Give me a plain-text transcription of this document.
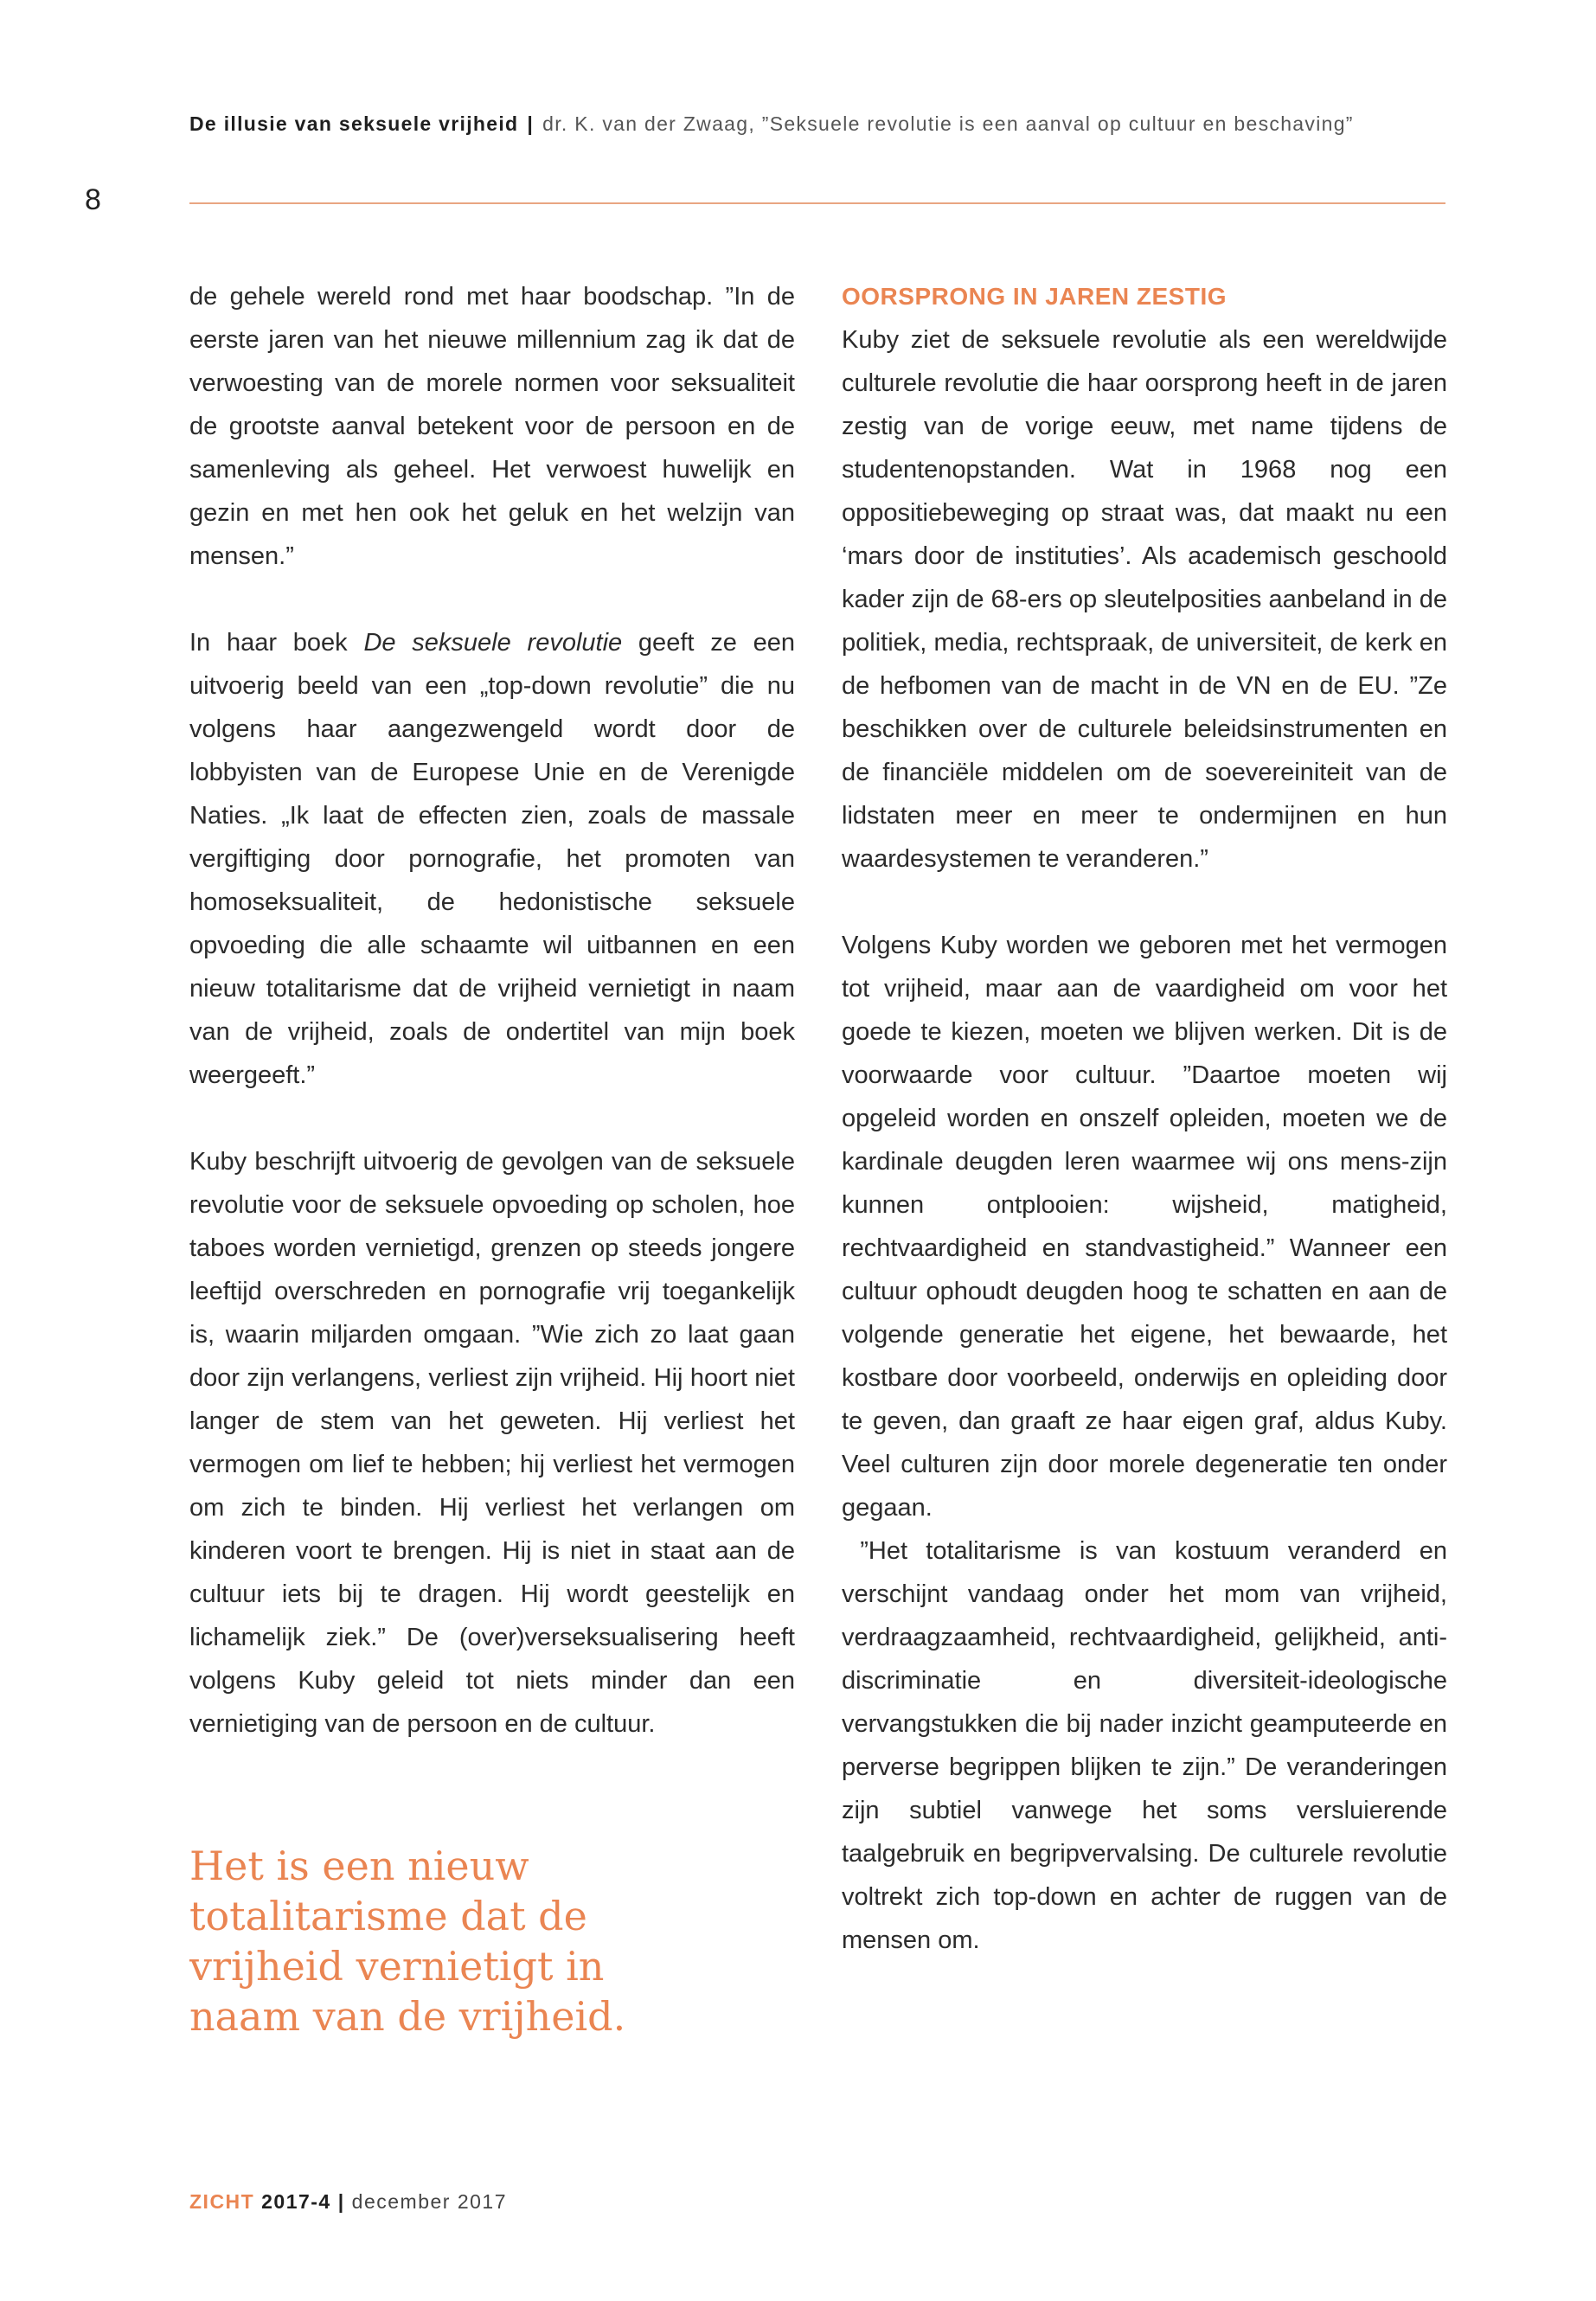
De illusie van seksuele vrijheid | dr. K. van der Zwaag, ”Seksuele revolutie is een aanval op cultuur en beschaving”
8

de gehele wereld rond met haar boodschap. ”In de eerste jaren van het nieuwe millennium zag ik dat de verwoesting van de morele normen voor seksualiteit de grootste aanval betekent voor de persoon en de samenleving als geheel. Het verwoest huwelijk en gezin en met hen ook het geluk en het welzijn van mensen.”

In haar boek De seksuele revolutie geeft ze een uitvoerig beeld van een „top-down revolutie” die nu volgens haar aangezwengeld wordt door de lobbyisten van de Europese Unie en de Verenigde Naties. „Ik laat de effecten zien, zoals de massale vergiftiging door pornografie, het promoten van homoseksualiteit, de hedonistische seksuele opvoeding die alle schaamte wil uitbannen en een nieuw totalitarisme dat de vrijheid vernietigt in naam van de vrijheid, zoals de ondertitel van mijn boek weergeeft.”

Kuby beschrijft uitvoerig de gevolgen van de seksuele revolutie voor de seksuele opvoeding op scholen, hoe taboes worden vernietigd, grenzen op steeds jongere leeftijd overschreden en pornografie vrij toegankelijk is, waarin miljarden omgaan. ”Wie zich zo laat gaan door zijn verlangens, verliest zijn vrijheid. Hij hoort niet langer de stem van het geweten. Hij verliest het vermogen om lief te hebben; hij verliest het vermogen om zich te binden. Hij verliest het verlangen om kinderen voort te brengen. Hij is niet in staat aan de cultuur iets bij te dragen. Hij wordt geestelijk en lichamelijk ziek.” De (over)verseksualisering heeft volgens Kuby geleid tot niets minder dan een vernietiging van de persoon en de cultuur.

Het is een nieuw totalitarisme dat de vrijheid vernietigt in naam van de vrijheid.

OORSPRONG IN JAREN ZESTIG

Kuby ziet de seksuele revolutie als een wereldwijde culturele revolutie die haar oorsprong heeft in de jaren zestig van de vorige eeuw, met name tijdens de studentenopstanden. Wat in 1968 nog een oppositiebeweging op straat was, dat maakt nu een ‘mars door de instituties’. Als academisch geschoold kader zijn de 68-ers op sleutelposities aanbeland in de politiek, media, rechtspraak, de universiteit, de kerk en de hefbomen van de macht in de VN en de EU. ”Ze beschikken over de culturele beleidsinstrumenten en de financiële middelen om de soevereiniteit van de lidstaten meer en meer te ondermijnen en hun waardesystemen te veranderen.”

Volgens Kuby worden we geboren met het vermogen tot vrijheid, maar aan de vaardigheid om voor het goede te kiezen, moeten we blijven werken. Dit is de voorwaarde voor cultuur. ”Daartoe moeten wij opgeleid worden en onszelf opleiden, moeten we de kardinale deugden leren waarmee wij ons mens-zijn kunnen ontplooien: wijsheid, matigheid, rechtvaardigheid en standvastigheid.” Wanneer een cultuur ophoudt deugden hoog te schatten en aan de volgende generatie het eigene, het bewaarde, het kostbare door voorbeeld, onderwijs en opleiding door te geven, dan graaft ze haar eigen graf, aldus Kuby. Veel culturen zijn door morele degeneratie ten onder gegaan.

”Het totalitarisme is van kostuum veranderd en verschijnt vandaag onder het mom van vrijheid, verdraagzaamheid, rechtvaardigheid, gelijkheid, anti-discriminatie en diversiteit-ideologische vervangstukken die bij nader inzicht geamputeerde en perverse begrippen blijken te zijn.” De veranderingen zijn subtiel vanwege het soms versluierende taalgebruik en begripvervalsing. De culturele revolutie voltrekt zich top-down en achter de ruggen van de mensen om.

ZICHT 2017-4 | december 2017
